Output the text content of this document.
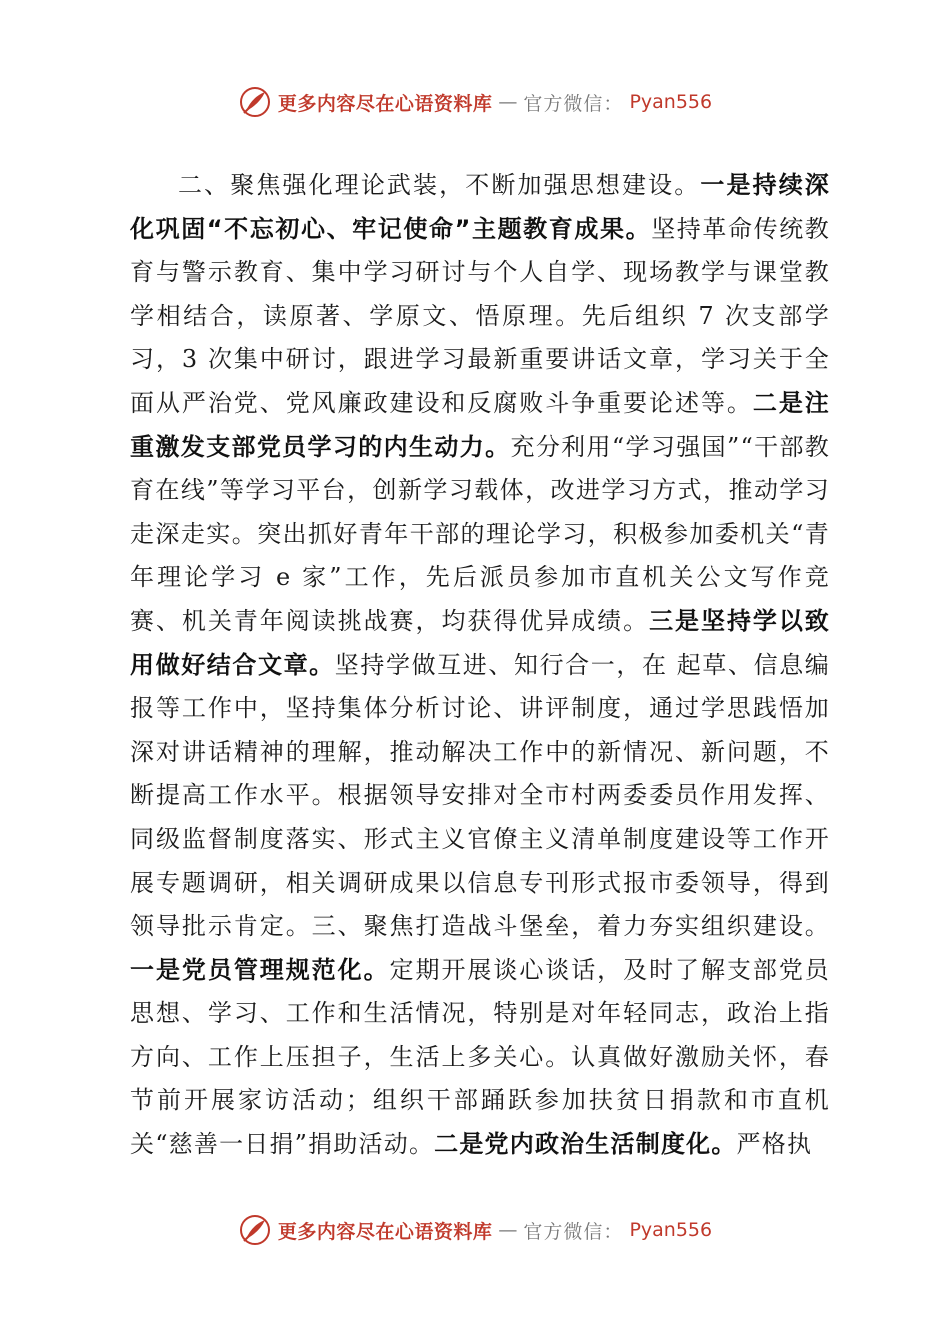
更多内容尽在心语资料库 — 官方微信： Pyan556

二、聚焦强化理论武装，不断加强思想建设。一是持续深化巩固“不忘初心、牢记使命”主题教育成果。坚持革命传统教育与警示教育、集中学习研讨与个人自学、现场教学与课堂教学相结合，读原著、学原文、悟原理。先后组织 7 次支部学习，3 次集中研讨，跟进学习最新重要讲话文章，学习关于全面从严治党、党风廉政建设和反腐败斗争重要论述等。二是注重激发支部党员学习的内生动力。充分利用“学习强国”“干部教育在线”等学习平台，创新学习载体，改进学习方式，推动学习走深走实。突出抓好青年干部的理论学习，积极参加委机关“青年理论学习 e 家”工作，先后派员参加市直机关公文写作竞赛、机关青年阅读挑战赛，均获得优异成绩。三是坚持学以致用做好结合文章。坚持学做互进、知行合一，在 起草、信息编报等工作中，坚持集体分析讨论、讲评制度，通过学思践悟加深对讲话精神的理解，推动解决工作中的新情况、新问题，不断提高工作水平。根据领导安排对全市村两委委员作用发挥、同级监督制度落实、形式主义官僚主义清单制度建设等工作开展专题调研，相关调研成果以信息专刊形式报市委领导，得到领导批示肯定。三、聚焦打造战斗堡垒，着力夯实组织建设。一是党员管理规范化。定期开展谈心谈话，及时了解支部党员思想、学习、工作和生活情况，特别是对年轻同志，政治上指方向、工作上压担子，生活上多关心。认真做好激励关怀，春节前开展家访活动；组织干部踊跃参加扶贫日捐款和市直机关“慈善一日捐”捐助活动。二是党内政治生活制度化。严格执

更多内容尽在心语资料库 — 官方微信： Pyan556
